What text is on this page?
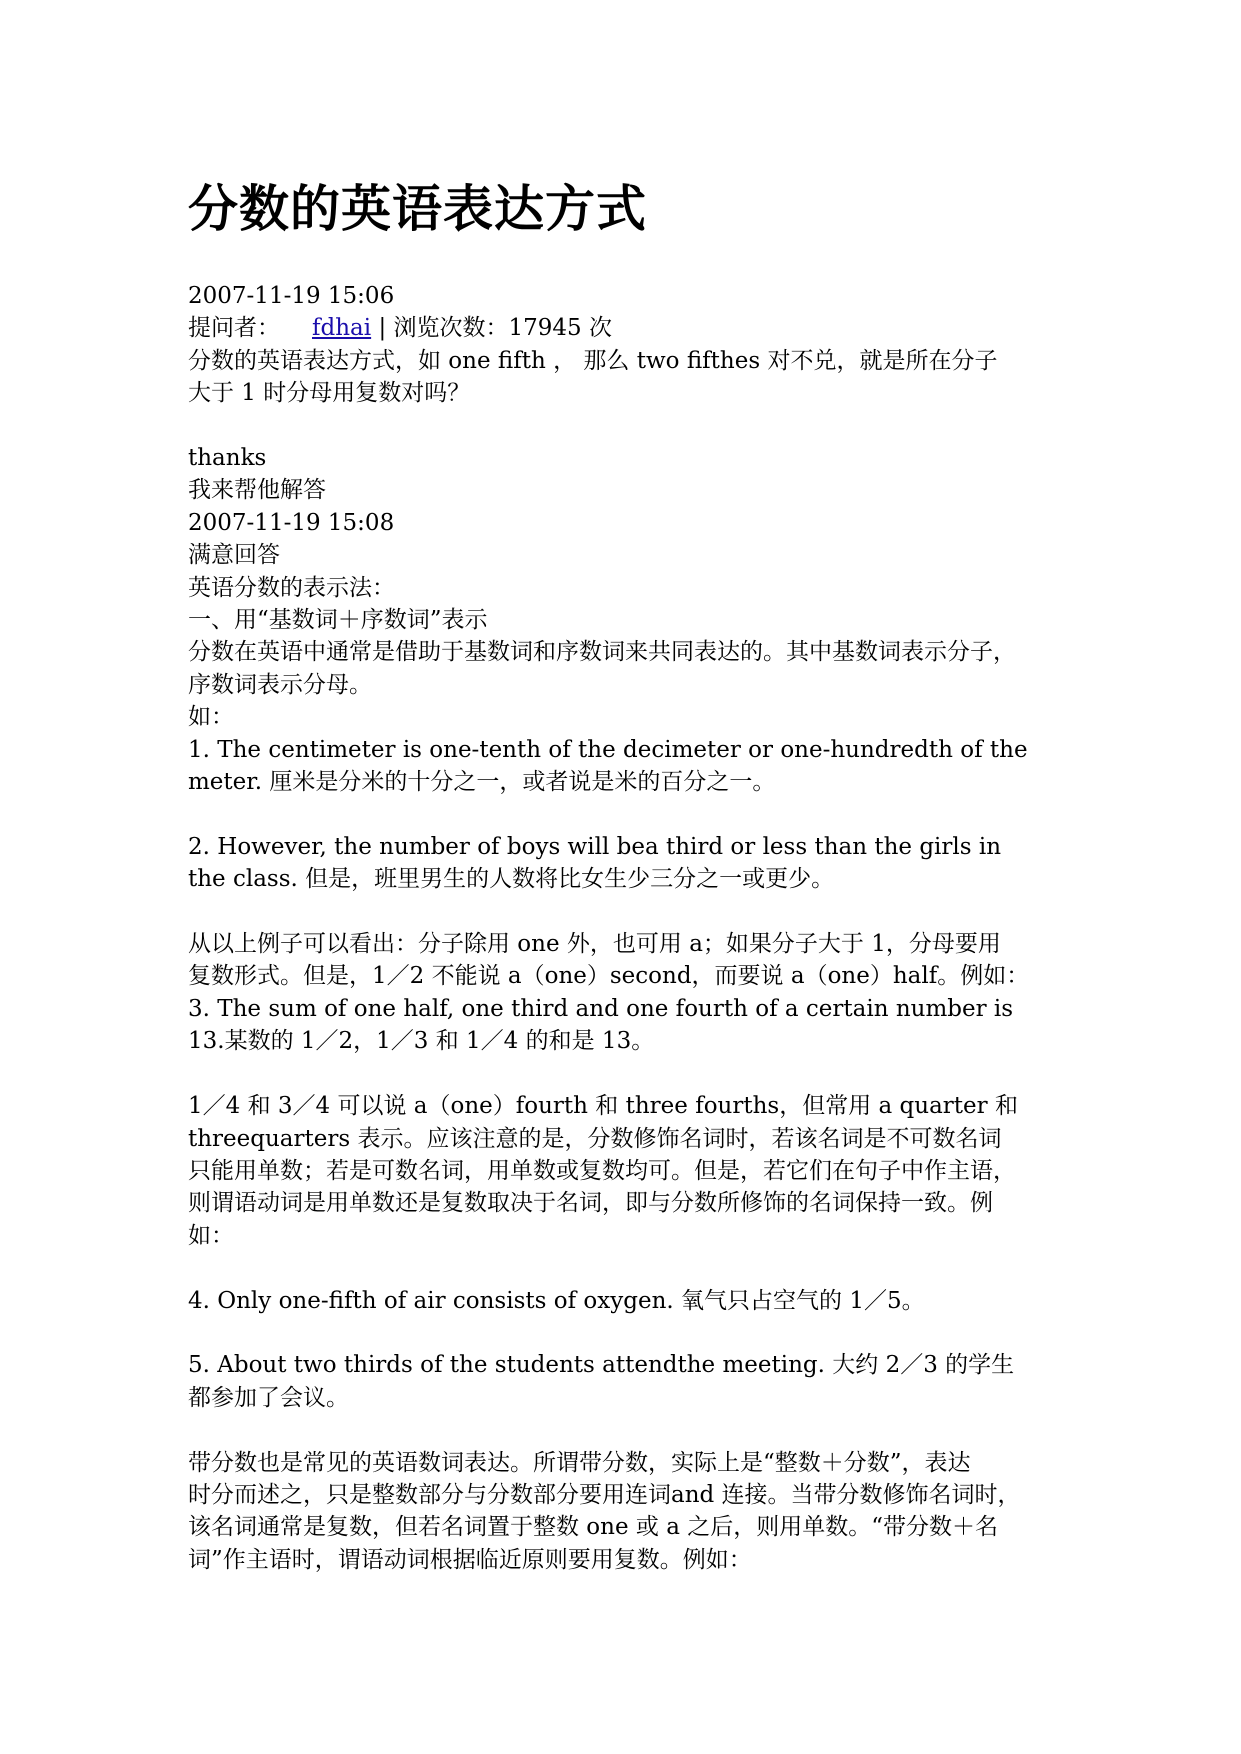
分数的英语表达方式
2007-11-19 15:06
提问者： fdhai | 浏览次数：17945 次
分数的英语表达方式，如 one fifth ， 那么 two fifthes 对不兑，就是所在分子
大于 1 时分母用复数对吗？
thanks
我来帮他解答
2007-11-19 15:08
满意回答
英语分数的表示法：
一、用“基数词＋序数词”表示
分数在英语中通常是借助于基数词和序数词来共同表达的。其中基数词表示分子，
序数词表示分母。
如：
1. The centimeter is one-tenth of the decimeter or one-hundredth of the
meter. 厘米是分米的十分之一，或者说是米的百分之一。
2. However, the number of boys will bea third or less than the girls in
the class. 但是，班里男生的人数将比女生少三分之一或更少。
从以上例子可以看出：分子除用 one 外，也可用 a；如果分子大于 1，分母要用
复数形式。但是，1／2 不能说 a（one）second，而要说 a（one）half。例如：
3. The sum of one half, one third and one fourth of a certain number is
13.某数的 1／2，1／3 和 1／4 的和是 13。
1／4 和 3／4 可以说 a（one）fourth 和 three fourths，但常用 a quarter 和
threequarters 表示。应该注意的是，分数修饰名词时，若该名词是不可数名词
只能用单数；若是可数名词，用单数或复数均可。但是，若它们在句子中作主语，
则谓语动词是用单数还是复数取决于名词，即与分数所修饰的名词保持一致。例
如：
4. Only one-fifth of air consists of oxygen. 氧气只占空气的 1／5。
5. About two thirds of the students attendthe meeting. 大约 2／3 的学生
都参加了会议。
带分数也是常见的英语数词表达。所谓带分数，实际上是“整数＋分数”，表达
时分而述之，只是整数部分与分数部分要用连词and 连接。当带分数修饰名词时，
该名词通常是复数，但若名词置于整数 one 或 a 之后，则用单数。“带分数＋名
词”作主语时，谓语动词根据临近原则要用复数。例如：
